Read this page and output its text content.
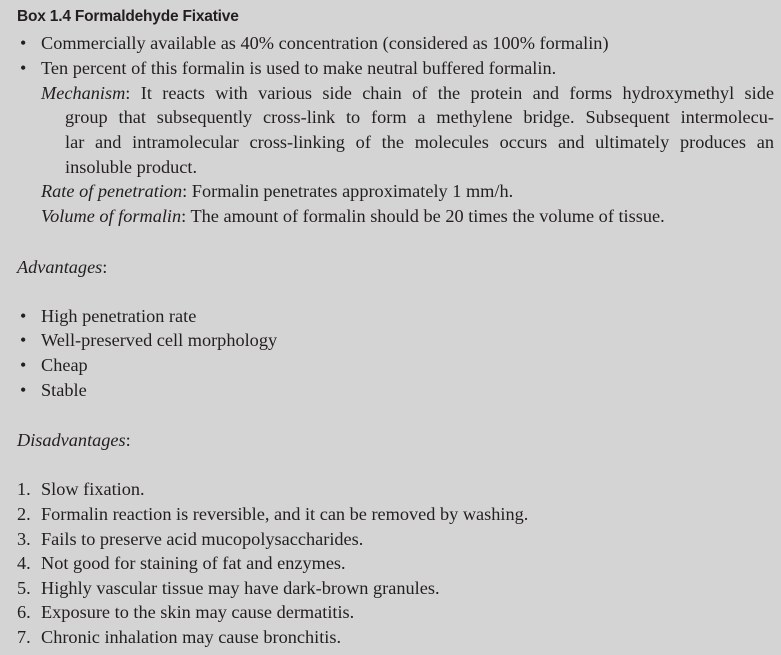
Box 1.4 Formaldehyde Fixative
• Commercially available as 40% concentration (considered as 100% formalin)
• Ten percent of this formalin is used to make neutral buffered formalin.
Mechanism: It reacts with various side chain of the protein and forms hydroxymethyl side
group that subsequently cross-link to form a methylene bridge. Subsequent intermolecu-
lar and intramolecular cross-linking of the molecules occurs and ultimately produces an
insoluble product.
Rate of penetration: Formalin penetrates approximately 1 mm/h.
Volume of formalin: The amount of formalin should be 20 times the volume of tissue.
Advantages:
• High penetration rate
• Well-preserved cell morphology
• Cheap
• Stable
Disadvantages:
1. Slow fixation.
2. Formalin reaction is reversible, and it can be removed by washing.
3. Fails to preserve acid mucopolysaccharides.
4. Not good for staining of fat and enzymes.
5. Highly vascular tissue may have dark-brown granules.
6. Exposure to the skin may cause dermatitis.
7. Chronic inhalation may cause bronchitis.
